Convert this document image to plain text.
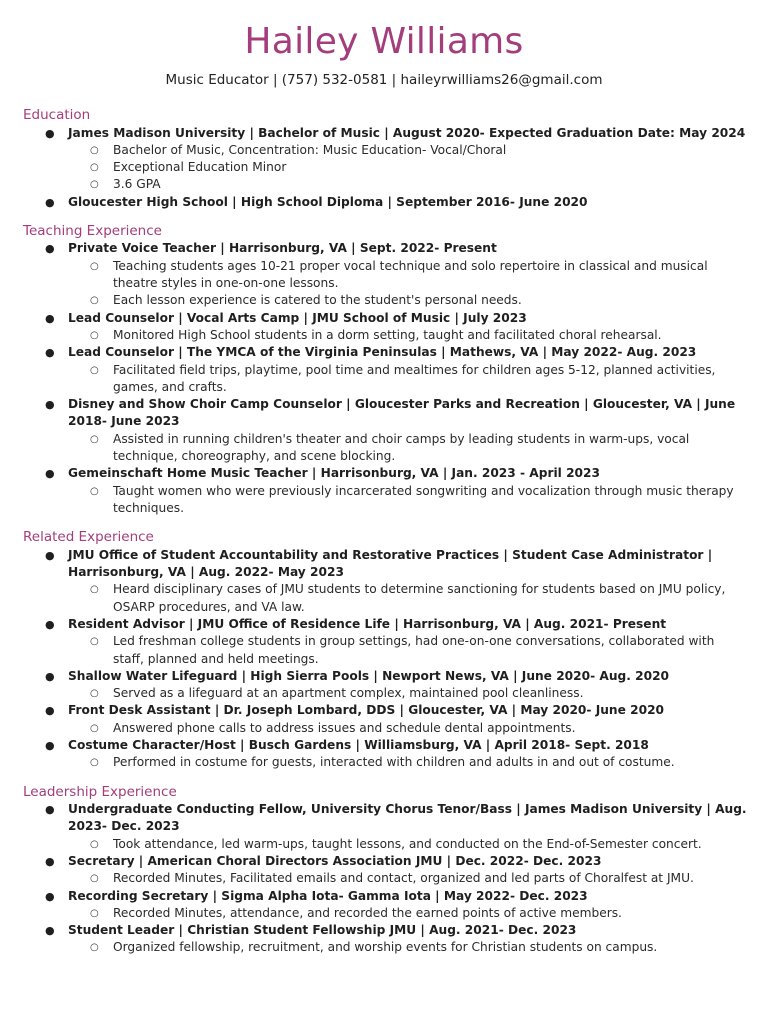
Hailey Williams
Music Educator | (757) 532-0581 | haileyrwilliams26@gmail.com
Education
● James Madison University | Bachelor of Music | August 2020- Expected Graduation Date: May 2024
○ Bachelor of Music, Concentration: Music Education- Vocal/Choral
○ Exceptional Education Minor
○ 3.6 GPA
● Gloucester High School | High School Diploma | September 2016- June 2020
Teaching Experience
● Private Voice Teacher | Harrisonburg, VA | Sept. 2022- Present
○ Teaching students ages 10-21 proper vocal technique and solo repertoire in classical and musical theatre styles in one-on-one lessons.
○ Each lesson experience is catered to the student's personal needs.
● Lead Counselor | Vocal Arts Camp | JMU School of Music | July 2023
○ Monitored High School students in a dorm setting, taught and facilitated choral rehearsal.
● Lead Counselor | The YMCA of the Virginia Peninsulas | Mathews, VA | May 2022- Aug. 2023
○ Facilitated field trips, playtime, pool time and mealtimes for children ages 5-12, planned activities, games, and crafts.
● Disney and Show Choir Camp Counselor | Gloucester Parks and Recreation | Gloucester, VA | June 2018- June 2023
○ Assisted in running children's theater and choir camps by leading students in warm-ups, vocal technique, choreography, and scene blocking.
● Gemeinschaft Home Music Teacher | Harrisonburg, VA | Jan. 2023 - April 2023
○ Taught women who were previously incarcerated songwriting and vocalization through music therapy techniques.
Related Experience
● JMU Office of Student Accountability and Restorative Practices | Student Case Administrator | Harrisonburg, VA | Aug. 2022- May 2023
○ Heard disciplinary cases of JMU students to determine sanctioning for students based on JMU policy, OSARP procedures, and VA law.
● Resident Advisor | JMU Office of Residence Life | Harrisonburg, VA | Aug. 2021- Present
○ Led freshman college students in group settings, had one-on-one conversations, collaborated with staff, planned and held meetings.
● Shallow Water Lifeguard | High Sierra Pools | Newport News, VA | June 2020- Aug. 2020
○ Served as a lifeguard at an apartment complex, maintained pool cleanliness.
● Front Desk Assistant | Dr. Joseph Lombard, DDS | Gloucester, VA | May 2020- June 2020
○ Answered phone calls to address issues and schedule dental appointments.
● Costume Character/Host | Busch Gardens | Williamsburg, VA | April 2018- Sept. 2018
○ Performed in costume for guests, interacted with children and adults in and out of costume.
Leadership Experience
● Undergraduate Conducting Fellow, University Chorus Tenor/Bass | James Madison University | Aug. 2023- Dec. 2023
○ Took attendance, led warm-ups, taught lessons, and conducted on the End-of-Semester concert.
● Secretary | American Choral Directors Association JMU | Dec. 2022- Dec. 2023
○ Recorded Minutes, Facilitated emails and contact, organized and led parts of Choralfest at JMU.
● Recording Secretary | Sigma Alpha Iota- Gamma Iota | May 2022- Dec. 2023
○ Recorded Minutes, attendance, and recorded the earned points of active members.
● Student Leader | Christian Student Fellowship JMU | Aug. 2021- Dec. 2023
○ Organized fellowship, recruitment, and worship events for Christian students on campus.
